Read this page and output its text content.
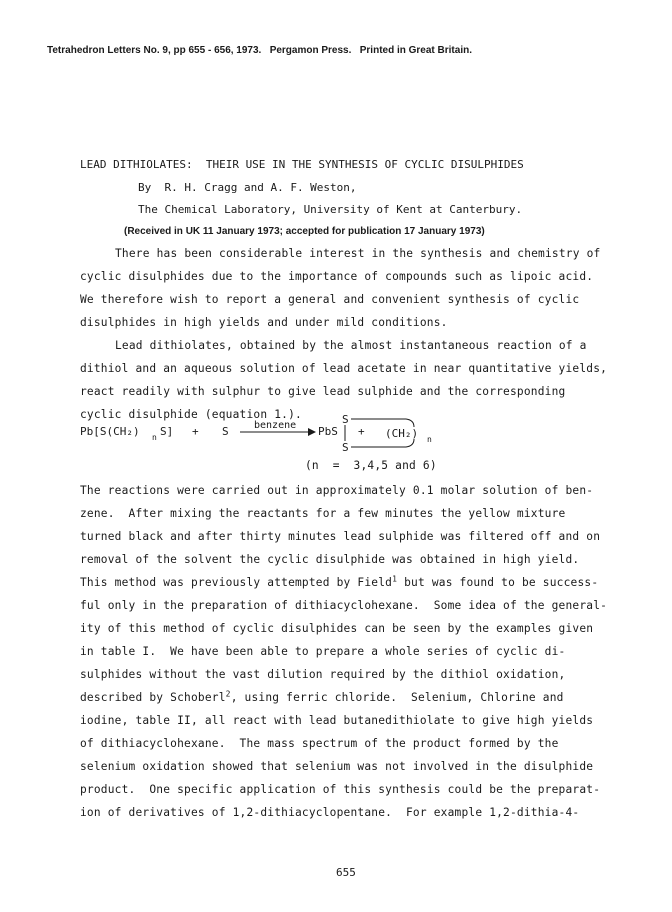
Tetrahedron Letters No. 9, pp 655 - 656, 1973. Pergamon Press. Printed in Great Britain.
LEAD DITHIOLATES:  THEIR USE IN THE SYNTHESIS OF CYCLIC DISULPHIDES
By  R. H. Cragg and A. F. Weston,
The Chemical Laboratory, University of Kent at Canterbury.
(Received in UK 11 January 1973; accepted for publication 17 January 1973)
There has been considerable interest in the synthesis and chemistry of
cyclic disulphides due to the importance of compounds such as lipoic acid.
We therefore wish to report a general and convenient synthesis of cyclic
disulphides in high yields and under mild conditions.
Lead dithiolates, obtained by the almost instantaneous reaction of a
dithiol and an aqueous solution of lead acetate in near quantitative yields,
react readily with sulphur to give lead sulphide and the corresponding
cyclic disulphide (equation 1.).
Pb[S(CH₂) n S] + S	benzene PbS +
S
S
(CH₂) n
(n  =  3,4,5 and 6)
The reactions were carried out in approximately 0.1 molar solution of ben-
zene.  After mixing the reactants for a few minutes the yellow mixture
turned black and after thirty minutes lead sulphide was filtered off and on
removal of the solvent the cyclic disulphide was obtained in high yield.
This method was previously attempted by Field$^1$ but was found to be success-
ful only in the preparation of dithiacyclohexane.  Some idea of the general-
ity of this method of cyclic disulphides can be seen by the examples given
in table I.  We have been able to prepare a whole series of cyclic di-
sulphides without the vast dilution required by the dithiol oxidation,
described by Schoberl$^2$, using ferric chloride.  Selenium, Chlorine and
iodine, table II, all react with lead butanedithiolate to give high yields
of dithiacyclohexane.  The mass spectrum of the product formed by the
selenium oxidation showed that selenium was not involved in the disulphide
product.  One specific application of this synthesis could be the preparat-
ion of derivatives of 1,2-dithiacyclopentane.  For example 1,2-dithia-4-
655
